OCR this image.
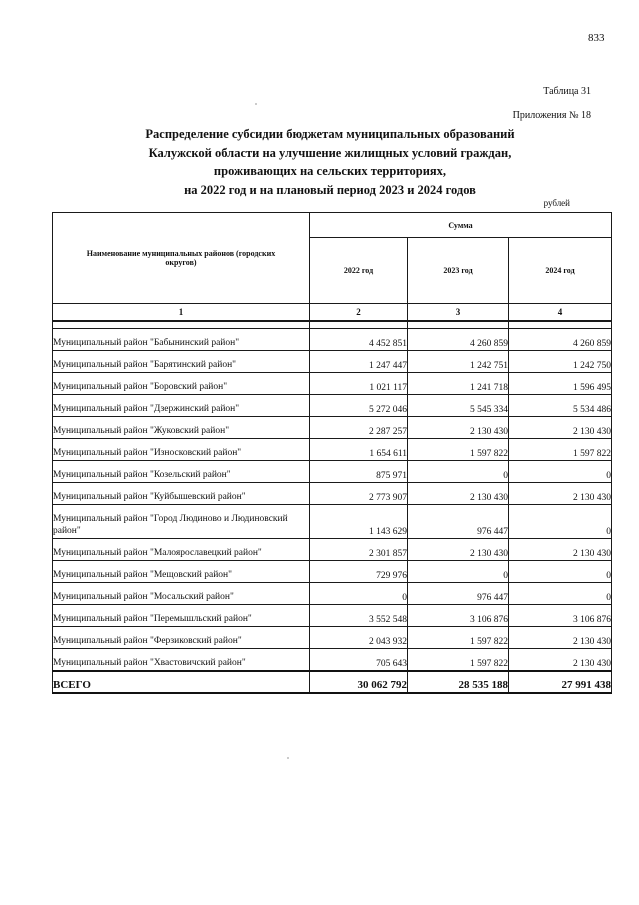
833
Таблица 31
Приложения № 18
Распределение субсидии бюджетам муниципальных образований
Калужской области на улучшение жилищных условий граждан,
проживающих на сельских территориях,
на 2022 год и на плановый период 2023 и 2024 годов
рублей
Наименование муниципальных районов (городских округов)	Сумма		
	2022 год	2023 год	2024 год
1	2	3	4

Муниципальный район "Бабынинский район"	4 452 851	4 260 859	4 260 859
Муниципальный район "Барятинский район"	1 247 447	1 242 751	1 242 750
Муниципальный район "Боровский район"	1 021 117	1 241 718	1 596 495
Муниципальный район "Дзержинский район"	5 272 046	5 545 334	5 534 486
Муниципальный район "Жуковский район"	2 287 257	2 130 430	2 130 430
Муниципальный район "Износковский район"	1 654 611	1 597 822	1 597 822
Муниципальный район "Козельский район"	875 971	0	0
Муниципальный район "Куйбышевский район"	2 773 907	2 130 430	2 130 430
Муниципальный район "Город Людиново и Людиновский район"	1 143 629	976 447	0
Муниципальный район "Малоярославецкий район"	2 301 857	2 130 430	2 130 430
Муниципальный район "Мещовский район"	729 976	0	0
Муниципальный район "Мосальский район"	0	976 447	0
Муниципальный район "Перемышльский район"	3 552 548	3 106 876	3 106 876
Муниципальный район "Ферзиковский район"	2 043 932	1 597 822	2 130 430
Муниципальный район "Хвастовичский район"	705 643	1 597 822	2 130 430
ВСЕГО	30 062 792	28 535 188	27 991 438
